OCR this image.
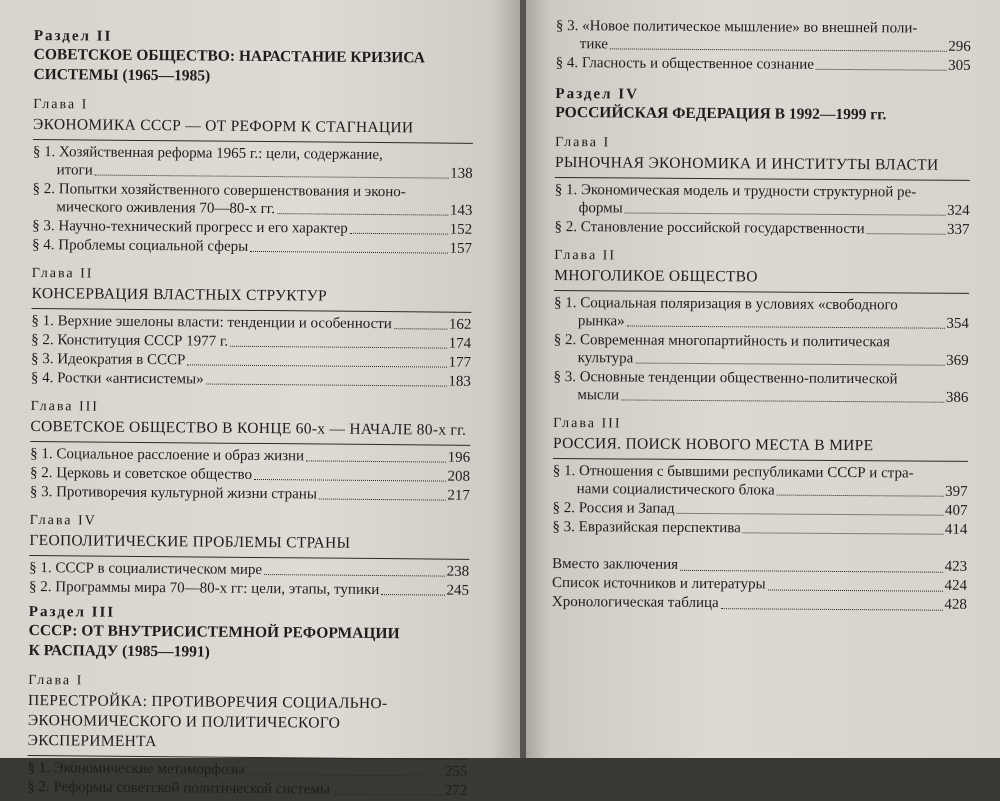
Раздел II
СОВЕТСКОЕ ОБЩЕСТВО: НАРАСТАНИЕ КРИЗИСА
СИСТЕМЫ (1965—1985)
Глава I
ЭКОНОМИКА СССР — ОТ РЕФОРМ К СТАГНАЦИИ
§ 1. Хозяйственная реформа 1965 г.: цели, содержание,
итоги	138
§ 2. Попытки хозяйственного совершенствования и эконо-
мического оживления 70—80-х гг.	143
§ 3. Научно-технический прогресс и его характер	152
§ 4. Проблемы социальной сферы	157
Глава II
КОНСЕРВАЦИЯ ВЛАСТНЫХ СТРУКТУР
§ 1. Верхние эшелоны власти: тенденции и особенности	162
§ 2. Конституция СССР 1977 г.	174
§ 3. Идеократия в СССР	177
§ 4. Ростки «антисистемы»	183
Глава III
СОВЕТСКОЕ ОБЩЕСТВО В КОНЦЕ 60-х — НАЧАЛЕ 80-х гг.
§ 1. Социальное расслоение и образ жизни	196
§ 2. Церковь и советское общество	208
§ 3. Противоречия культурной жизни страны	217
Глава IV
ГЕОПОЛИТИЧЕСКИЕ ПРОБЛЕМЫ СТРАНЫ
§ 1. СССР в социалистическом мире	238
§ 2. Программы мира 70—80-х гг: цели, этапы, тупики	245
Раздел III
СССР: ОТ ВНУТРИСИСТЕМНОЙ РЕФОРМАЦИИ
К РАСПАДУ (1985—1991)
Глава I
ПЕРЕСТРОЙКА: ПРОТИВОРЕЧИЯ СОЦИАЛЬНО-
ЭКОНОМИЧЕСКОГО И ПОЛИТИЧЕСКОГО ЭКСПЕРИМЕНТА
§ 1. Экономические метаморфозы	255
§ 2. Реформы советской политической системы	272
§ 3. «Новое политическое мышление» во внешней поли-
тике	296
§ 4. Гласность и общественное сознание	305
Раздел IV
РОССИЙСКАЯ ФЕДЕРАЦИЯ В 1992—1999 гг.
Глава I
РЫНОЧНАЯ ЭКОНОМИКА И ИНСТИТУТЫ ВЛАСТИ
§ 1. Экономическая модель и трудности структурной ре-
формы	324
§ 2. Становление российской государственности	337
Глава II
МНОГОЛИКОЕ ОБЩЕСТВО
§ 1. Социальная поляризация в условиях «свободного
рынка»	354
§ 2. Современная многопартийность и политическая
культура	369
§ 3. Основные тенденции общественно-политической
мысли	386
Глава III
РОССИЯ. ПОИСК НОВОГО МЕСТА В МИРЕ
§ 1. Отношения с бывшими республиками СССР и стра-
нами социалистического блока	397
§ 2. Россия и Запад	407
§ 3. Евразийская перспектива	414
Вместо заключения	423
Список источников и литературы	424
Хронологическая таблица	428
